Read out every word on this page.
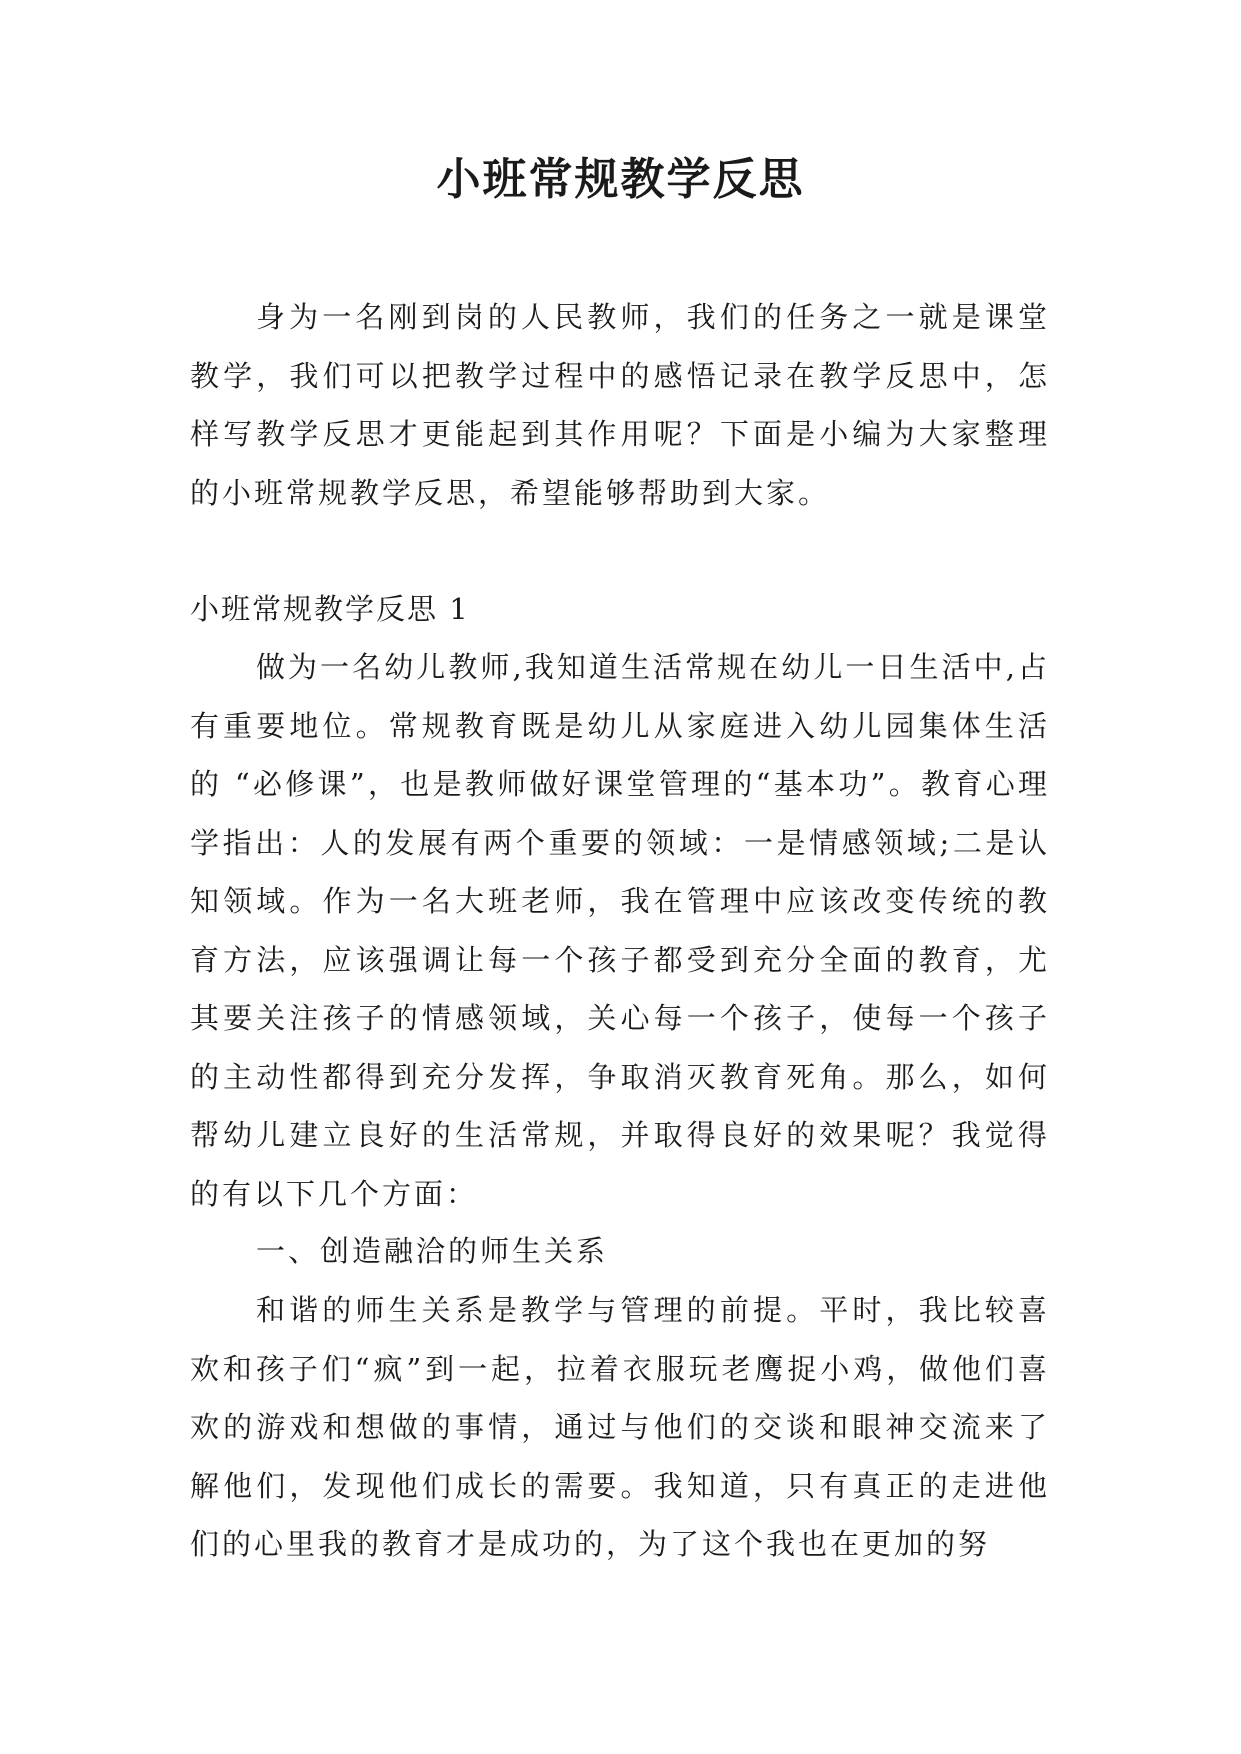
小班常规教学反思

身为一名刚到岗的人民教师，我们的任务之一就是课堂教学，我们可以把教学过程中的感悟记录在教学反思中，怎样写教学反思才更能起到其作用呢？下面是小编为大家整理的小班常规教学反思，希望能够帮助到大家。

小班常规教学反思 1

做为一名幼儿教师,我知道生活常规在幼儿一日生活中,占有重要地位。常规教育既是幼儿从家庭进入幼儿园集体生活的 “必修课”，也是教师做好课堂管理的“基本功”。教育心理学指出：人的发展有两个重要的领域：一是情感领域;二是认知领域。作为一名大班老师，我在管理中应该改变传统的教育方法，应该强调让每一个孩子都受到充分全面的教育，尤其要关注孩子的情感领域，关心每一个孩子，使每一个孩子的主动性都得到充分发挥，争取消灭教育死角。那么，如何帮幼儿建立良好的生活常规，并取得良好的效果呢？我觉得的有以下几个方面：

一、创造融洽的师生关系

和谐的师生关系是教学与管理的前提。平时，我比较喜欢和孩子们“疯”到一起，拉着衣服玩老鹰捉小鸡，做他们喜欢的游戏和想做的事情，通过与他们的交谈和眼神交流来了解他们，发现他们成长的需要。我知道，只有真正的走进他们的心里我的教育才是成功的，为了这个我也在更加的努
